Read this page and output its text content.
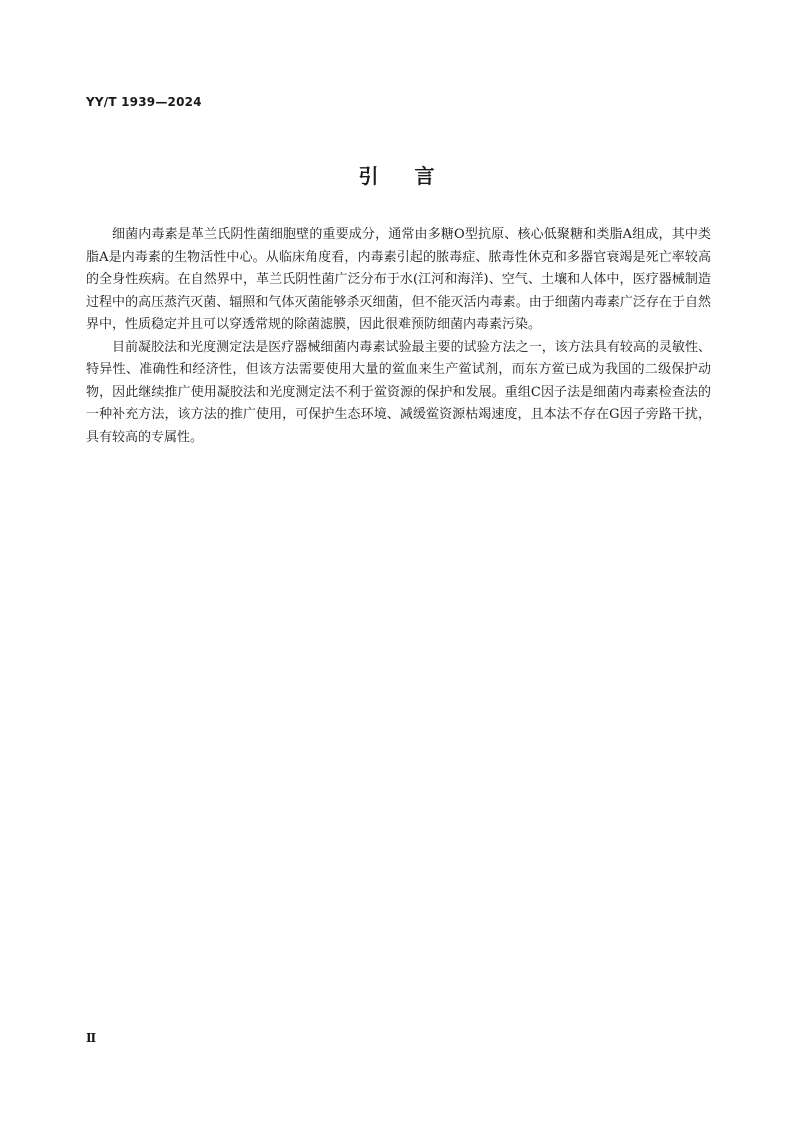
YY/T 1939—2024
引言

细菌内毒素是革兰氏阴性菌细胞壁的重要成分，通常由多糖O型抗原、核心低聚糖和类脂A组成，其中类脂A是内毒素的生物活性中心。从临床角度看，内毒素引起的脓毒症、脓毒性休克和多器官衰竭是死亡率较高的全身性疾病。在自然界中，革兰氏阴性菌广泛分布于水(江河和海洋)、空气、土壤和人体中，医疗器械制造过程中的高压蒸汽灭菌、辐照和气体灭菌能够杀灭细菌，但不能灭活内毒素。由于细菌内毒素广泛存在于自然界中，性质稳定并且可以穿透常规的除菌滤膜，因此很难预防细菌内毒素污染。

目前凝胶法和光度测定法是医疗器械细菌内毒素试验最主要的试验方法之一，该方法具有较高的灵敏性、特异性、准确性和经济性，但该方法需要使用大量的鲎血来生产鲎试剂，而东方鲎已成为我国的二级保护动物，因此继续推广使用凝胶法和光度测定法不利于鲎资源的保护和发展。重组C因子法是细菌内毒素检查法的一种补充方法，该方法的推广使用，可保护生态环境、减缓鲎资源枯竭速度，且本法不存在G因子旁路干扰，具有较高的专属性。

Ⅱ
